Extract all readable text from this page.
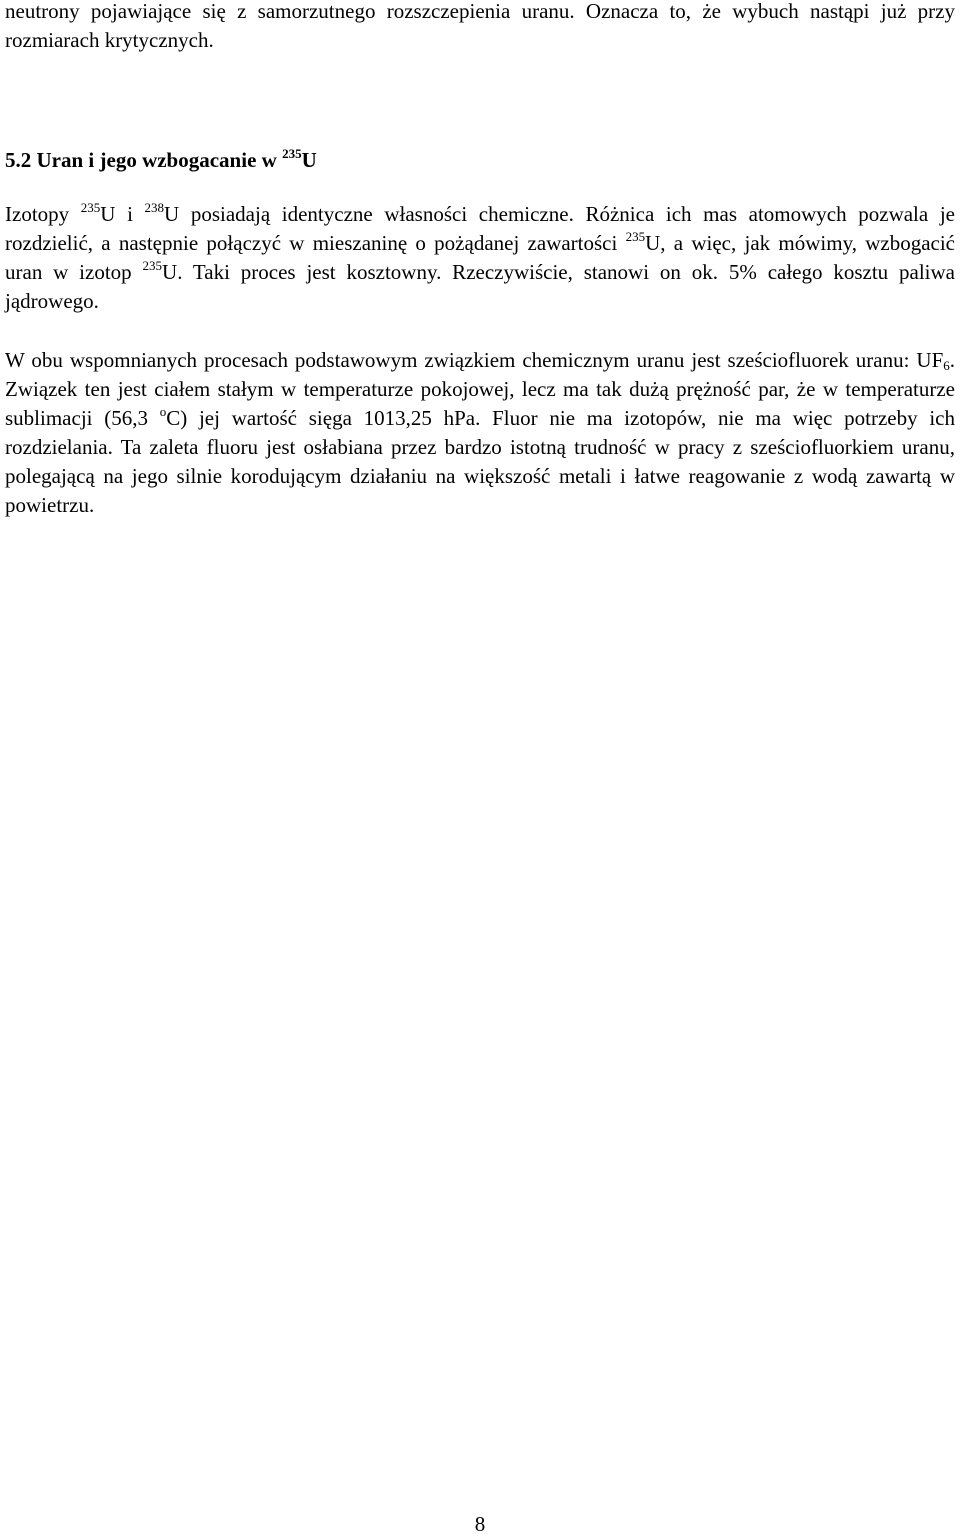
neutrony pojawiające się z samorzutnego rozszczepienia uranu. Oznacza to, że wybuch nastąpi już przy rozmiarach krytycznych.

5.2 Uran i jego wzbogacanie w $^{235}$U

Izotopy $^{235}$U i $^{238}$U posiadają identyczne własności chemiczne. Różnica ich mas atomowych pozwala je rozdzielić, a następnie połączyć w mieszaninę o pożądanej zawartości $^{235}$U, a więc, jak mówimy, wzbogacić uran w izotop $^{235}$U. Taki proces jest kosztowny. Rzeczywiście, stanowi on ok. 5% całego kosztu paliwa jądrowego.

W obu wspomnianych procesach podstawowym związkiem chemicznym uranu jest sześciofluorek uranu: $UF_6$. Związek ten jest ciałem stałym w temperaturze pokojowej, lecz ma tak dużą prężność par, że w temperaturze sublimacji (56,3 $^o$C) jej wartość sięga 1013,25 hPa. Fluor nie ma izotopów, nie ma więc potrzeby ich rozdzielania. Ta zaleta fluoru jest osłabiana przez bardzo istotną trudność w pracy z sześciofluorkiem uranu, polegającą na jego silnie korodującym działaniu na większość metali i łatwe reagowanie z wodą zawartą w powietrzu.

8
